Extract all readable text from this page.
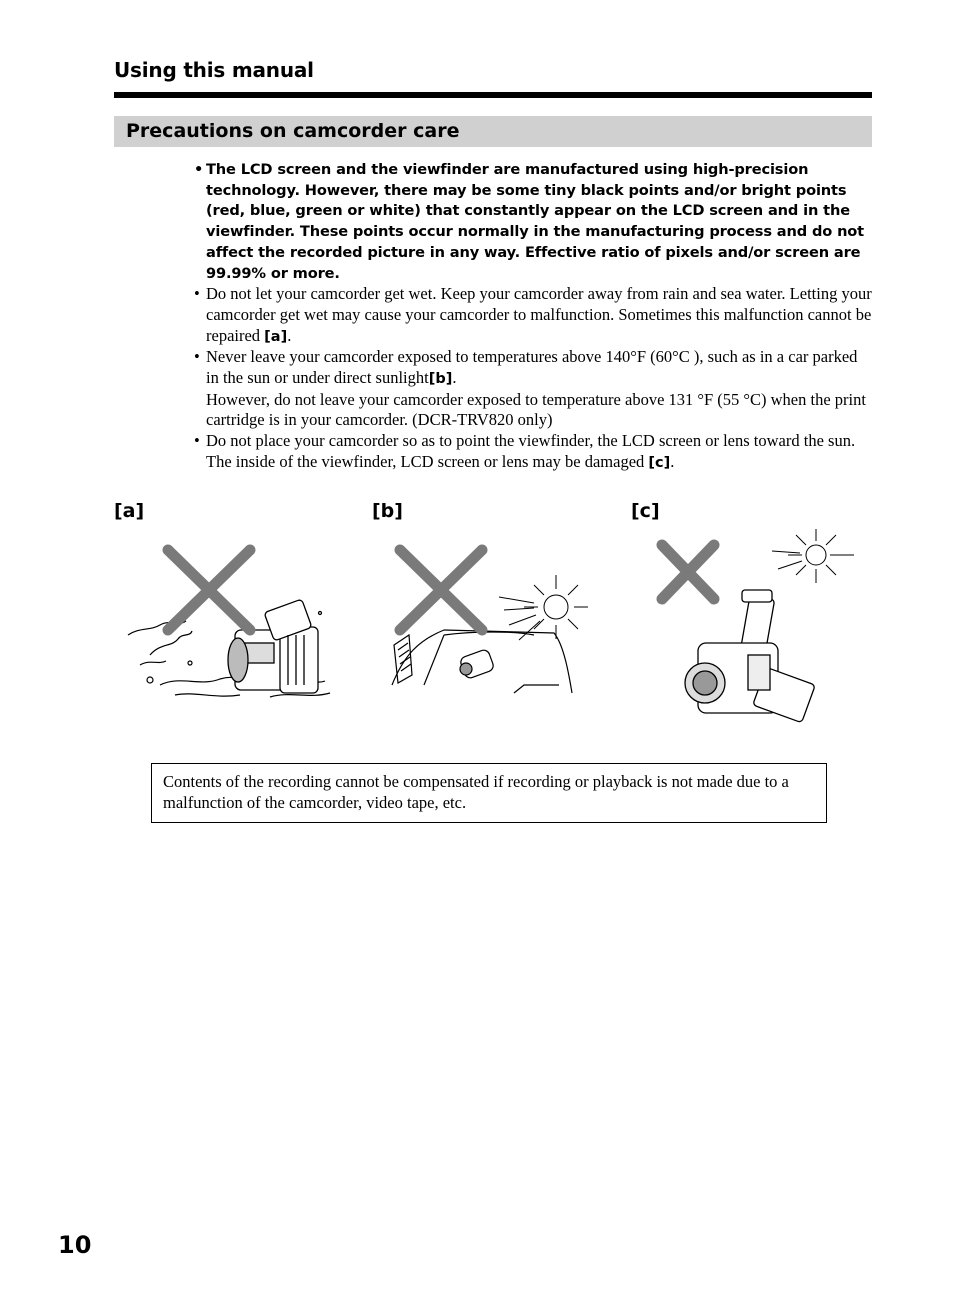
Using this manual
Precautions on camcorder care
• The LCD screen and the viewfinder are manufactured using high-precision technology. However, there may be some tiny black points and/or bright points (red, blue, green or white) that constantly appear on the LCD screen and in the viewfinder. These points occur normally in the manufacturing process and do not affect the recorded picture in any way. Effective ratio of pixels and/or screen are 99.99% or more.
• Do not let your camcorder get wet. Keep your camcorder away from rain and sea water. Letting your camcorder get wet may cause your camcorder to malfunction. Sometimes this malfunction cannot be repaired [a].
• Never leave your camcorder exposed to temperatures above 140°F (60°C ), such as in a car parked in the sun or under direct sunlight[b].
However, do not leave your camcorder exposed to temperature above 131 °F (55 °C) when the print cartridge is in your camcorder. (DCR-TRV820 only)
• Do not place your camcorder so as to point the viewfinder, the LCD screen or lens toward the sun. The inside of the viewfinder, LCD screen or lens may be damaged [c].
[a]	[b]	[c]

Contents of the recording cannot be compensated if recording or playback is not made due to a malfunction of the camcorder, video tape, etc.

10
